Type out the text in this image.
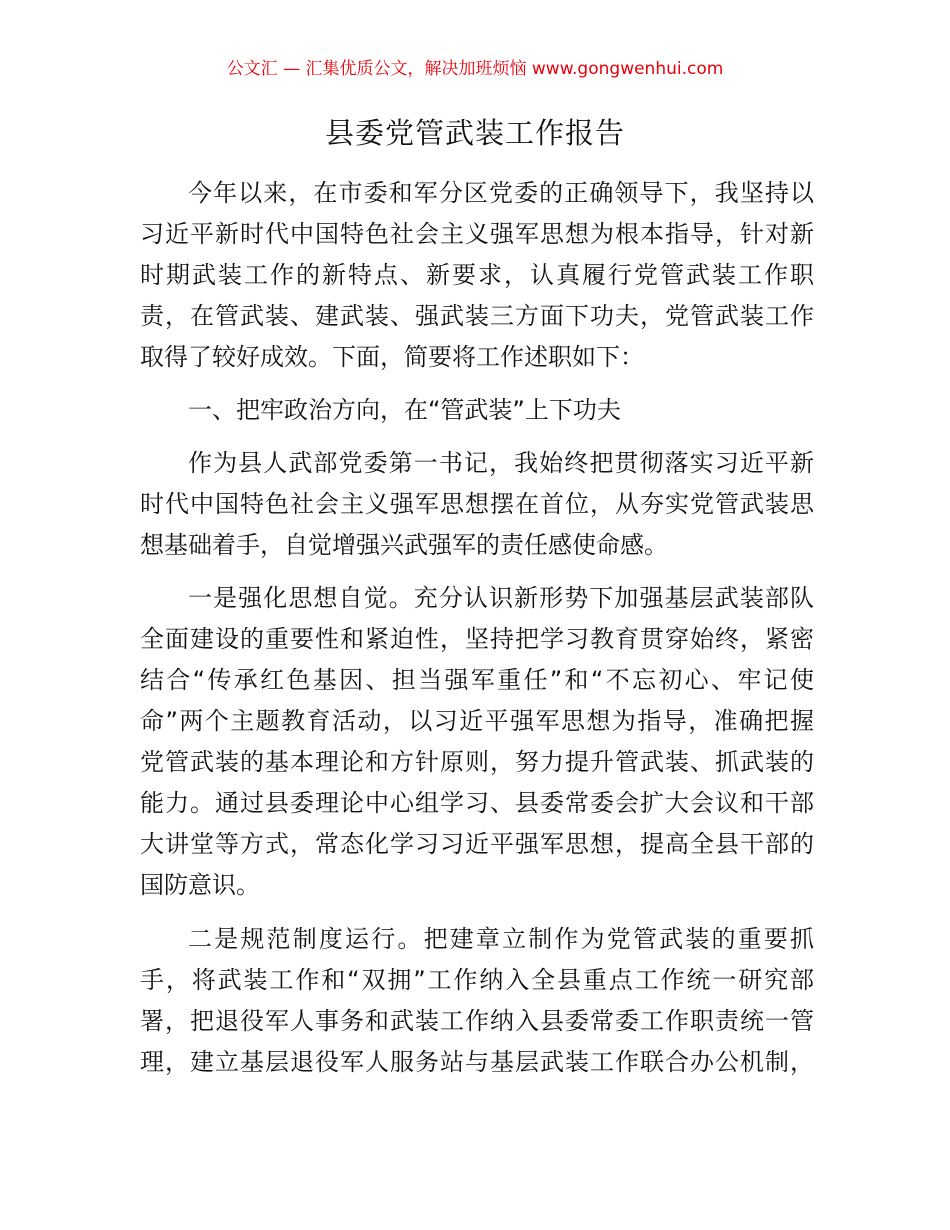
公文汇 — 汇集优质公文，解决加班烦恼 www.gongwenhui.com
县委党管武装工作报告
今年以来，在市委和军分区党委的正确领导下，我坚持以
习近平新时代中国特色社会主义强军思想为根本指导，针对新
时期武装工作的新特点、新要求，认真履行党管武装工作职
责，在管武装、建武装、强武装三方面下功夫，党管武装工作
取得了较好成效。下面，简要将工作述职如下：
一、把牢政治方向，在“管武装”上下功夫
作为县人武部党委第一书记，我始终把贯彻落实习近平新
时代中国特色社会主义强军思想摆在首位，从夯实党管武装思
想基础着手，自觉增强兴武强军的责任感使命感。
一是强化思想自觉。充分认识新形势下加强基层武装部队
全面建设的重要性和紧迫性，坚持把学习教育贯穿始终，紧密
结合“传承红色基因、担当强军重任”和“不忘初心、牢记使
命”两个主题教育活动，以习近平强军思想为指导，准确把握
党管武装的基本理论和方针原则，努力提升管武装、抓武装的
能力。通过县委理论中心组学习、县委常委会扩大会议和干部
大讲堂等方式，常态化学习习近平强军思想，提高全县干部的
国防意识。
二是规范制度运行。把建章立制作为党管武装的重要抓
手，将武装工作和“双拥”工作纳入全县重点工作统一研究部
署，把退役军人事务和武装工作纳入县委常委工作职责统一管
理，建立基层退役军人服务站与基层武装工作联合办公机制，
